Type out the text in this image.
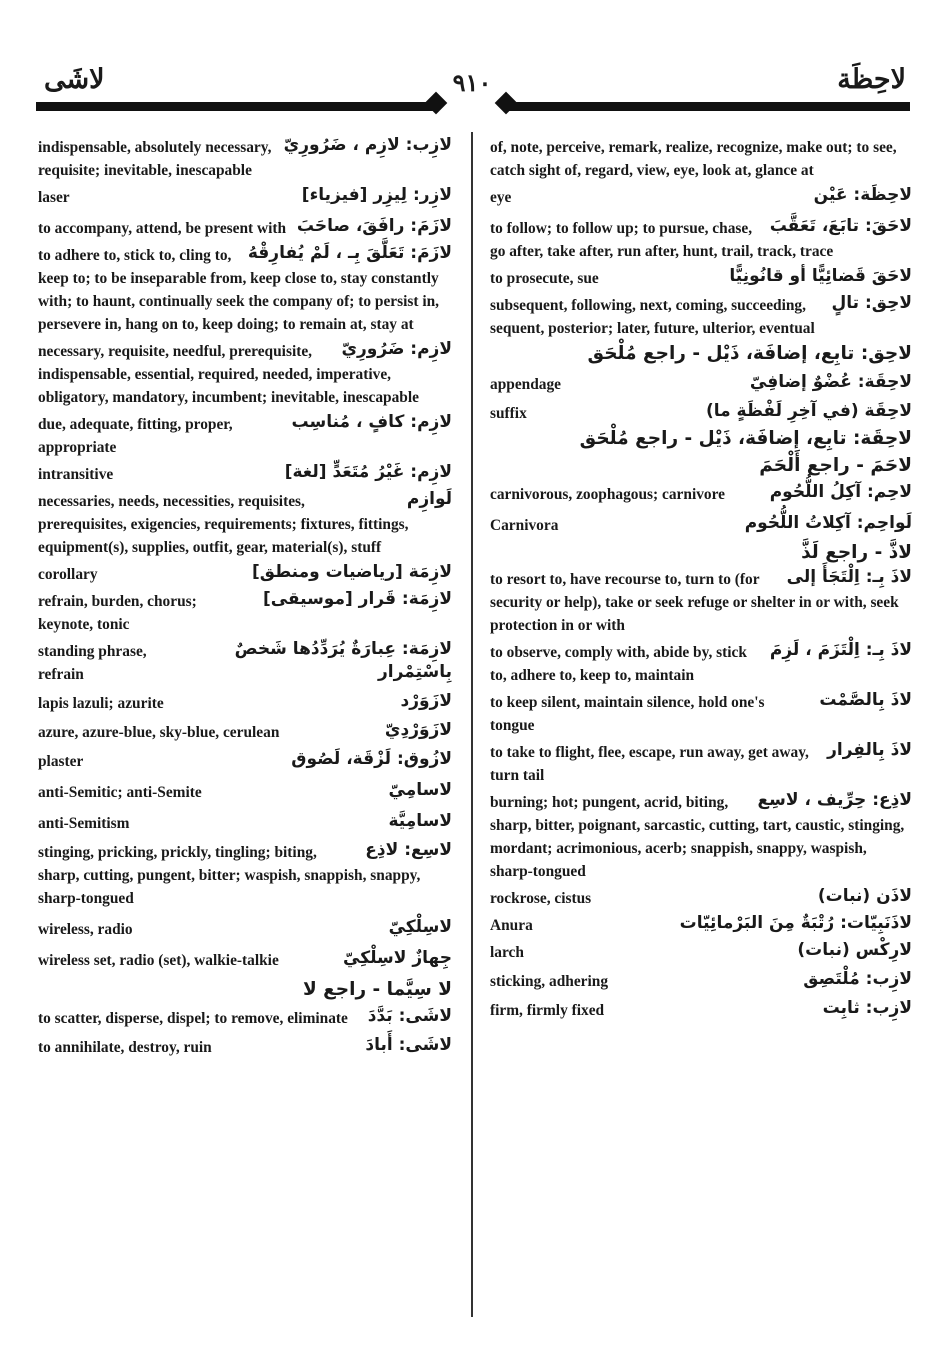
لاشَى	٩١٠	لاحِظَة
لازِب: لازِم ، ضَرُورِيّ
indispensable, absolutely necessary, requisite; inevitable, inescapable
لازِر: لِيزِر [فيزياء]
laser
لازَمَ: رافَقَ، صاحَبَ
to accompany, attend, be present with
لازَمَ: تَعَلَّقَ بِـ ، لَمْ يُفارِقْهُ
to adhere to, stick to, cling to, keep to; to be inseparable from, keep close to, stay constantly with; to haunt, continually seek the company of; to persist in, persevere in, hang on to, keep doing; to remain at, stay at
لازِم: ضَرُورِيّ
necessary, requisite, needful, prerequisite, indispensable, essential, required, needed, imperative, obligatory, mandatory, incumbent; inevitable, inescapable
لازِم: كافٍ ، مُناسِب
due, adequate, fitting, proper, appropriate
لازِم: غَيْرُ مُتَعَدٍّ [لغة]
intransitive
لَوازِم
necessaries, needs, necessities, requisites, prerequisites, exigencies, requirements; fixtures, fittings, equipment(s), supplies, outfit, gear, material(s), stuff
لازِمَة [رياضيات ومنطق]
corollary
لازِمَة: قَرار [موسيقى]
refrain, burden, chorus; keynote, tonic
لازِمَة: عِبارَةٌ يُرَدِّدُها شَخصٌ بِاسْتِمْرار
standing phrase, refrain
لازَوَرْد
lapis lazuli; azurite
لازَوَرْدِيّ
azure, azure-blue, sky-blue, cerulean
لازُوق: لَزْقَة، لَصُوق
plaster
لاسامِيّ
anti-Semitic; anti-Semite
لاسامِيَّة
anti-Semitism
لاسِع: لاذِع
stinging, pricking, prickly, tingling; biting, sharp, cutting, pungent, bitter; waspish, snappish, snappy, sharp-tongued
لاسِلْكِيّ
wireless, radio
جِهازٌ لاسِلْكِيّ
wireless set, radio (set), walkie-talkie
لا سِيَّما - راجع لا
لاشَى: بَدَّدَ
to scatter, disperse, dispel; to remove, eliminate
لاشَى: أَبادَ
to annihilate, destroy, ruin
of, note, perceive, remark, realize, recognize, make out; to see, catch sight of, regard, view, eye, look at, glance at
لاحِظَة: عَيْن
eye
لاحَقَ: تابَعَ، تَعَقَّبَ
to follow; to follow up; to pursue, chase, go after, take after, run after, hunt, trail, track, trace
لاحَقَ قَضائِيًّا أو قانُونِيًّا
to prosecute, sue
لاحِق: تالٍ
subsequent, following, next, coming, succeeding, sequent, posterior; later, future, ulterior, eventual
لاحِق: تابِع، إضافَة، ذَيْل - راجع مُلْحَق
لاحِقَة: عُضْوٌ إضافِيّ
appendage
لاحِقَة (في آخِرِ لَفْظَةٍ ما)
suffix
لاحِقَة: تابِع، إضافَة، ذَيْل - راجع مُلْحَق
لاحَمَ - راجع أَلْحَمَ
لاحِم: آكِلُ اللُّحُوم
carnivorous, zoophagous; carnivore
لَواحِم: آكِلاتُ اللُّحُوم
Carnivora
لاذَّ - راجع لَذَّ
لاذَ بِـ: اِلْتَجَأَ إلى
to resort to, have recourse to, turn to (for security or help), take or seek refuge or shelter in or with, seek protection in or with
لاذَ بِـ: اِلْتَزَمَ ، لَزِمَ
to observe, comply with, abide by, stick to, adhere to, keep to, maintain
لاذَ بِالصَّمْت
to keep silent, maintain silence, hold one's tongue
لاذَ بِالفِرار
to take to flight, flee, escape, run away, get away, turn tail
لاذِع: حِرِّيف ، لاسِع
burning; hot; pungent, acrid, biting, sharp, bitter, poignant, sarcastic, cutting, tart, caustic, stinging, mordant; acrimonious, acerb; snappish, snappy, waspish, sharp-tongued
لاذَن (نبات)
rockrose, cistus
لاذَنَبِيّات: رُتْبَةٌ مِنَ البَرْمائِيّات
Anura
لارِكْس (نبات)
larch
لازِب: مُلْتَصِق
sticking, adhering
لازِب: ثابِت
firm, firmly fixed
